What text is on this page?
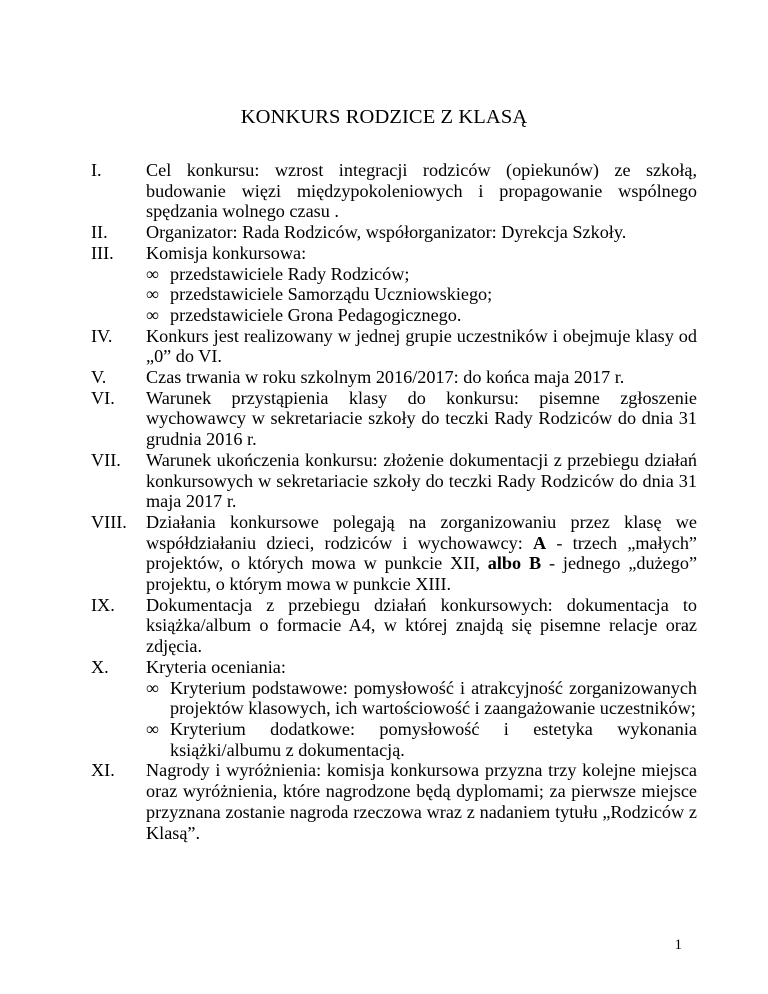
KONKURS RODZICE Z KLASĄ
I. Cel konkursu: wzrost integracji rodziców (opiekunów) ze szkołą, budowanie więzi międzypokoleniowych i propagowanie wspólnego spędzania wolnego czasu .
II. Organizator: Rada Rodziców, współorganizator: Dyrekcja Szkoły.
III. Komisja konkursowa:
∞ przedstawiciele Rady Rodziców;
∞ przedstawiciele Samorządu Uczniowskiego;
∞ przedstawiciele Grona Pedagogicznego.
IV. Konkurs jest realizowany w jednej grupie uczestników i obejmuje klasy od „0” do VI.
V. Czas trwania w roku szkolnym 2016/2017: do końca maja 2017 r.
VI. Warunek przystąpienia klasy do konkursu: pisemne zgłoszenie wychowawcy w sekretariacie szkoły do teczki Rady Rodziców do dnia 31 grudnia 2016 r.
VII. Warunek ukończenia konkursu: złożenie dokumentacji z przebiegu działań konkursowych w sekretariacie szkoły do teczki Rady Rodziców do dnia 31 maja 2017 r.
VIII. Działania konkursowe polegają na zorganizowaniu przez klasę we współdziałaniu dzieci, rodziców i wychowawcy: A - trzech „małych” projektów, o których mowa w punkcie XII, albo B - jednego „dużego” projektu, o którym mowa w punkcie XIII.
IX. Dokumentacja z przebiegu działań konkursowych: dokumentacja to książka/album o formacie A4, w której znajdą się pisemne relacje oraz zdjęcia.
X. Kryteria oceniania:
∞ Kryterium podstawowe: pomysłowość i atrakcyjność zorganizowanych projektów klasowych, ich wartościowość i zaangażowanie uczestników;
∞ Kryterium dodatkowe: pomysłowość i estetyka wykonania książki/albumu z dokumentacją.
XI. Nagrody i wyróżnienia: komisja konkursowa przyzna trzy kolejne miejsca oraz wyróżnienia, które nagrodzone będą dyplomami; za pierwsze miejsce przyznana zostanie nagroda rzeczowa wraz z nadaniem tytułu „Rodziców z Klasą”.
1
